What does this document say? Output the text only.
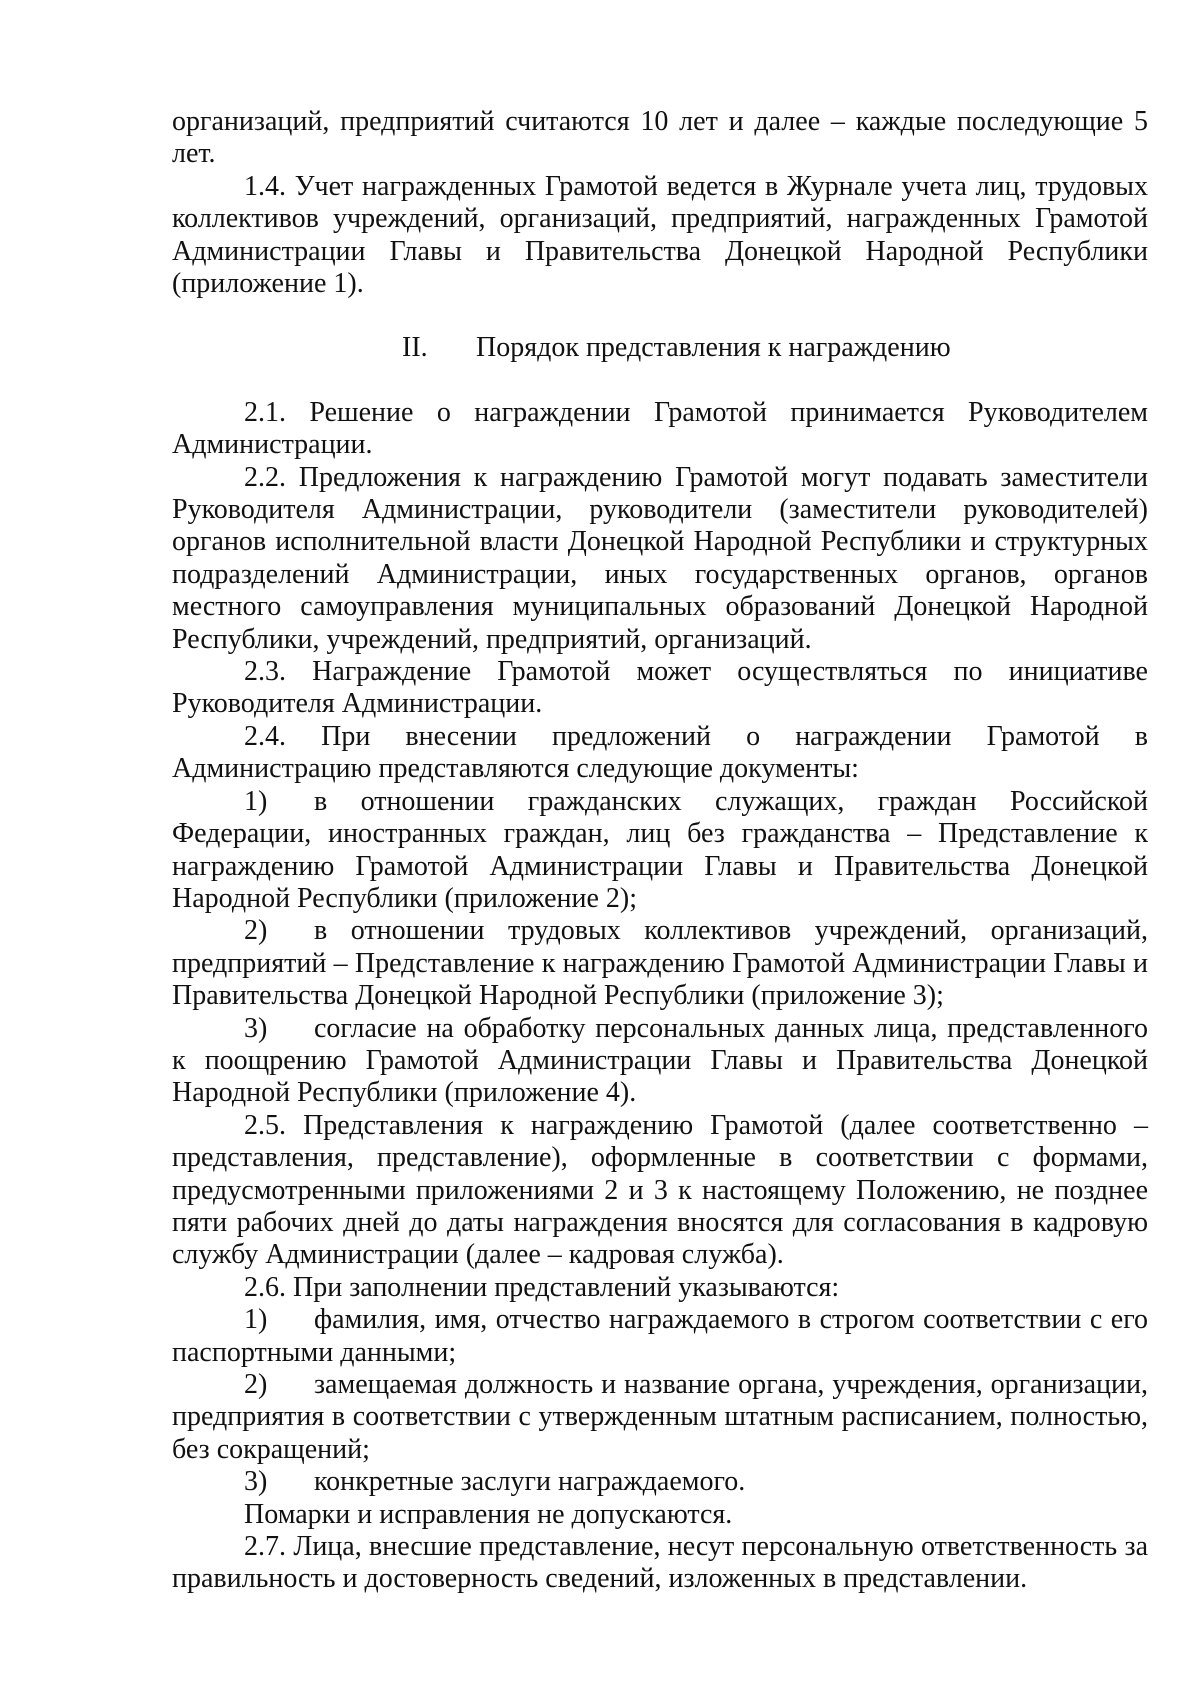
организаций, предприятий считаются 10 лет и далее – каждые последующие 5 лет.

1.4. Учет награжденных Грамотой ведется в Журнале учета лиц, трудовых коллективов учреждений, организаций, предприятий, награжденных Грамотой Администрации Главы и Правительства Донецкой Народной Республики (приложение 1).

II. Порядок представления к награждению

2.1. Решение о награждении Грамотой принимается Руководителем Администрации.

2.2. Предложения к награждению Грамотой могут подавать заместители Руководителя Администрации, руководители (заместители руководителей) органов исполнительной власти Донецкой Народной Республики и структурных подразделений Администрации, иных государственных органов, органов местного самоуправления муниципальных образований Донецкой Народной Республики, учреждений, предприятий, организаций.

2.3. Награждение Грамотой может осуществляться по инициативе Руководителя Администрации.

2.4. При внесении предложений о награждении Грамотой в Администрацию представляются следующие документы:

1) в отношении гражданских служащих, граждан Российской Федерации, иностранных граждан, лиц без гражданства – Представление к награждению Грамотой Администрации Главы и Правительства Донецкой Народной Республики (приложение 2);

2) в отношении трудовых коллективов учреждений, организаций, предприятий – Представление к награждению Грамотой Администрации Главы и Правительства Донецкой Народной Республики (приложение 3);

3) согласие на обработку персональных данных лица, представленного к поощрению Грамотой Администрации Главы и Правительства Донецкой Народной Республики (приложение 4).

2.5. Представления к награждению Грамотой (далее соответственно – представления, представление), оформленные в соответствии с формами, предусмотренными приложениями 2 и 3 к настоящему Положению, не позднее пяти рабочих дней до даты награждения вносятся для согласования в кадровую службу Администрации (далее – кадровая служба).

2.6. При заполнении представлений указываются:

1) фамилия, имя, отчество награждаемого в строгом соответствии с его паспортными данными;

2) замещаемая должность и название органа, учреждения, организации, предприятия в соответствии с утвержденным штатным расписанием, полностью, без сокращений;

3) конкретные заслуги награждаемого.

Помарки и исправления не допускаются.

2.7. Лица, внесшие представление, несут персональную ответственность за правильность и достоверность сведений, изложенных в представлении.
